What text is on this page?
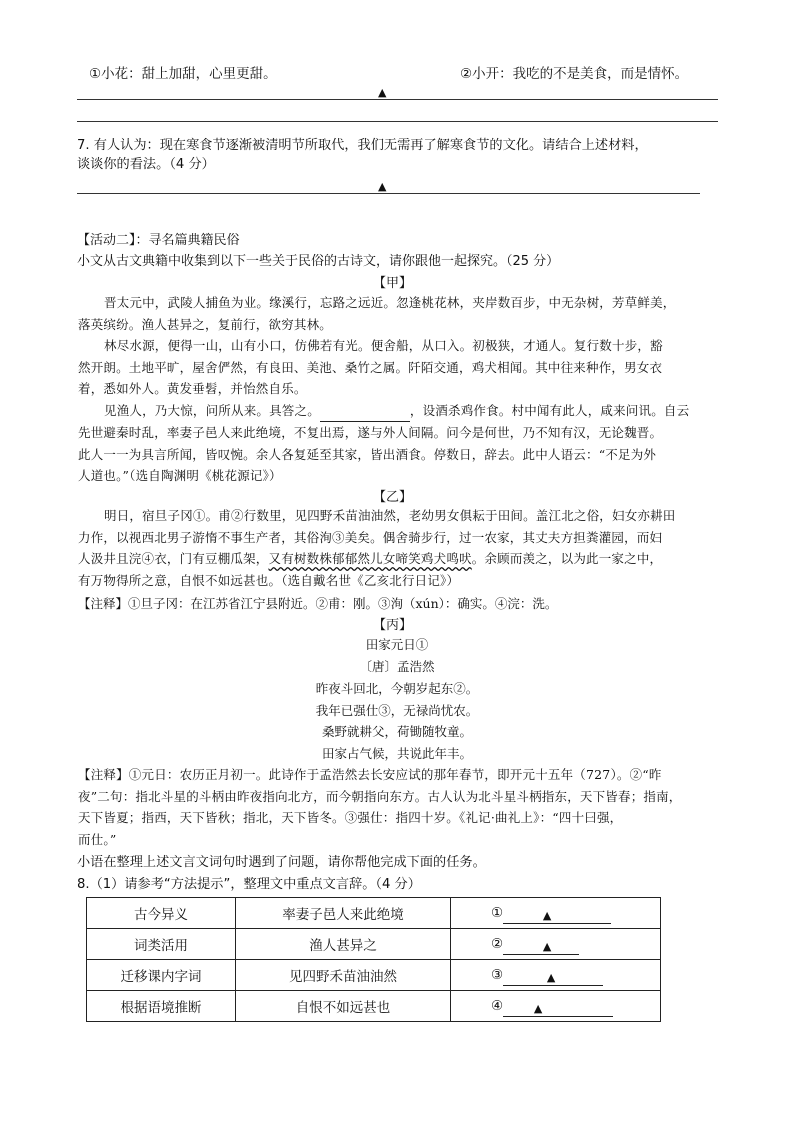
①小花：甜上加甜，心里更甜。	②小开：我吃的不是美食，而是情怀。
▲
7. 有人认为：现在寒食节逐渐被清明节所取代，我们无需再了解寒食节的文化。请结合上述材料，
谈谈你的看法。（4 分）
▲
【活动二】：寻名篇典籍民俗
小文从古文典籍中收集到以下一些关于民俗的古诗文，请你跟他一起探究。（25 分）
【甲】
晋太元中，武陵人捕鱼为业。缘溪行，忘路之远近。忽逢桃花林，夹岸数百步，中无杂树，芳草鲜美，
落英缤纷。渔人甚异之，复前行，欲穷其林。
林尽水源，便得一山，山有小口，仿佛若有光。便舍船，从口入。初极狭，才通人。复行数十步，豁
然开朗。土地平旷，屋舍俨然，有良田、美池、桑竹之属。阡陌交通，鸡犬相闻。其中往来种作，男女衣
着，悉如外人。黄发垂髫，并怡然自乐。
见渔人，乃大惊，问所从来。具答之。	，设酒杀鸡作食。村中闻有此人，咸来问讯。自云
先世避秦时乱，率妻子邑人来此绝境，不复出焉，遂与外人间隔。问今是何世，乃不知有汉，无论魏晋。
此人一一为具言所闻，皆叹惋。余人各复延至其家，皆出酒食。停数日，辞去。此中人语云：“不足为外
人道也。”（选自陶渊明《桃花源记》）
【乙】
明日，宿旦子冈①。甫②行数里，见四野禾苗油油然，老幼男女俱耘于田间。盖江北之俗，妇女亦耕田
力作，以视西北男子游惰不事生产者，其俗洵③美矣。偶舍骑步行，过一农家，其丈夫方担粪灌园，而妇
人汲井且浣④衣，门有豆棚瓜架，又有树数株郁郁然儿女啼笑鸡犬鸣吠。余顾而羡之，以为此一家之中，
有万物得所之意，自恨不如远甚也。（选自戴名世《乙亥北行日记》）
【注释】①旦子冈：在江苏省江宁县附近。②甫：刚。③洵（xún）：确实。④浣：洗。
【丙】
田家元日①
〔唐〕孟浩然
昨夜斗回北，今朝岁起东②。
我年已强仕③，无禄尚忧农。
桑野就耕父，荷锄随牧童。
田家占气候，共说此年丰。
【注释】①元日：农历正月初一。此诗作于孟浩然去长安应试的那年春节，即开元十五年（727）。②“昨
夜”二句：指北斗星的斗柄由昨夜指向北方，而今朝指向东方。古人认为北斗星斗柄指东，天下皆春；指南，
天下皆夏；指西，天下皆秋；指北，天下皆冬。③强仕：指四十岁。《礼记·曲礼上》：“四十曰强，
而仕。”
小语在整理上述文言文词句时遇到了问题，请你帮他完成下面的任务。
8.（1）请参考“方法提示”，整理文中重点文言辞。（4 分）
古今异义	率妻子邑人来此绝境	① ▲
词类活用	渔人甚异之	② ▲
迁移课内字词	见四野禾苗油油然	③ ▲
根据语境推断	自恨不如远甚也	④ ▲
